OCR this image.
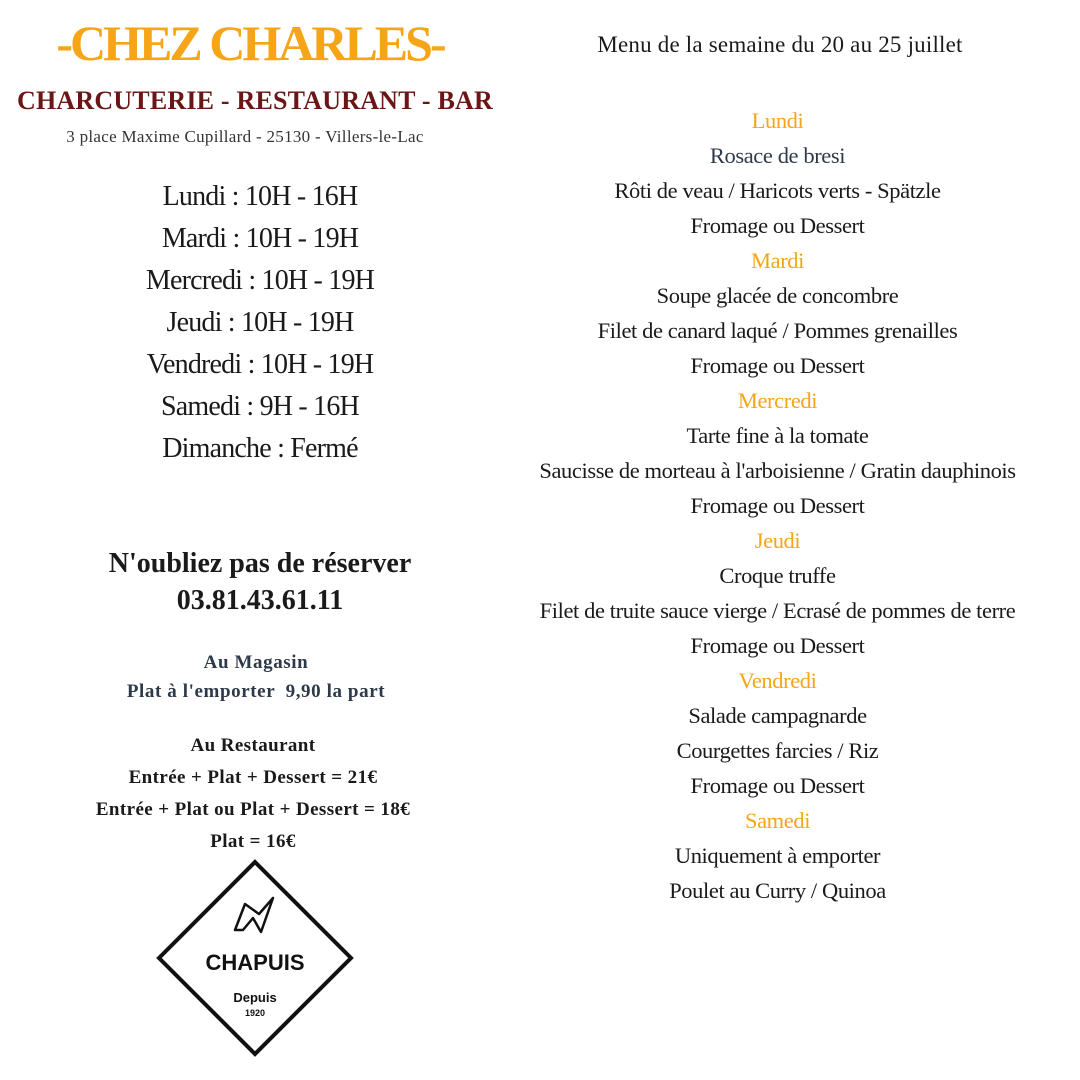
-CHEZ CHARLES-
CHARCUTERIE - RESTAURANT - BAR
3 place Maxime Cupillard - 25130 - Villers-le-Lac
Lundi : 10H - 16H
Mardi : 10H - 19H
Mercredi : 10H - 19H
Jeudi : 10H - 19H
Vendredi : 10H - 19H
Samedi : 9H - 16H
Dimanche : Fermé
N'oubliez pas de réserver
03.81.43.61.11
Au Magasin
Plat à l'emporter  9,90 la part
Au Restaurant
Entrée + Plat + Dessert = 21€
Entrée + Plat ou Plat + Dessert = 18€
Plat = 16€
CHAPUIS
Depuis
1920
Menu de la semaine du 20 au 25 juillet
Lundi
Rosace de bresi
Rôti de veau / Haricots verts - Spätzle
Fromage ou Dessert
Mardi
Soupe glacée de concombre
Filet de canard laqué / Pommes grenailles
Fromage ou Dessert
Mercredi
Tarte fine à la tomate
Saucisse de morteau à l'arboisienne / Gratin dauphinois
Fromage ou Dessert
Jeudi
Croque truffe
Filet de truite sauce vierge / Ecrasé de pommes de terre
Fromage ou Dessert
Vendredi
Salade campagnarde
Courgettes farcies / Riz
Fromage ou Dessert
Samedi
Uniquement à emporter
Poulet au Curry / Quinoa
